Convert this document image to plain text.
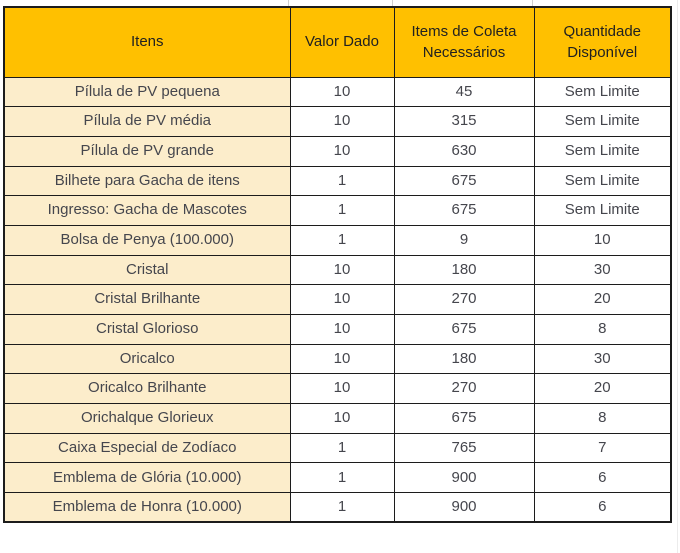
Itens	Valor Dado	Items de Coleta Necessários	Quantidade Disponível
Pílula de PV pequena	10	45	Sem Limite
Pílula de PV média	10	315	Sem Limite
Pílula de PV grande	10	630	Sem Limite
Bilhete para Gacha de itens	1	675	Sem Limite
Ingresso: Gacha de Mascotes	1	675	Sem Limite
Bolsa de Penya (100.000)	1	9	10
Cristal	10	180	30
Cristal Brilhante	10	270	20
Cristal Glorioso	10	675	8
Oricalco	10	180	30
Oricalco Brilhante	10	270	20
Orichalque Glorieux	10	675	8
Caixa Especial de Zodíaco	1	765	7
Emblema de Glória (10.000)	1	900	6
Emblema de Honra (10.000)	1	900	6
